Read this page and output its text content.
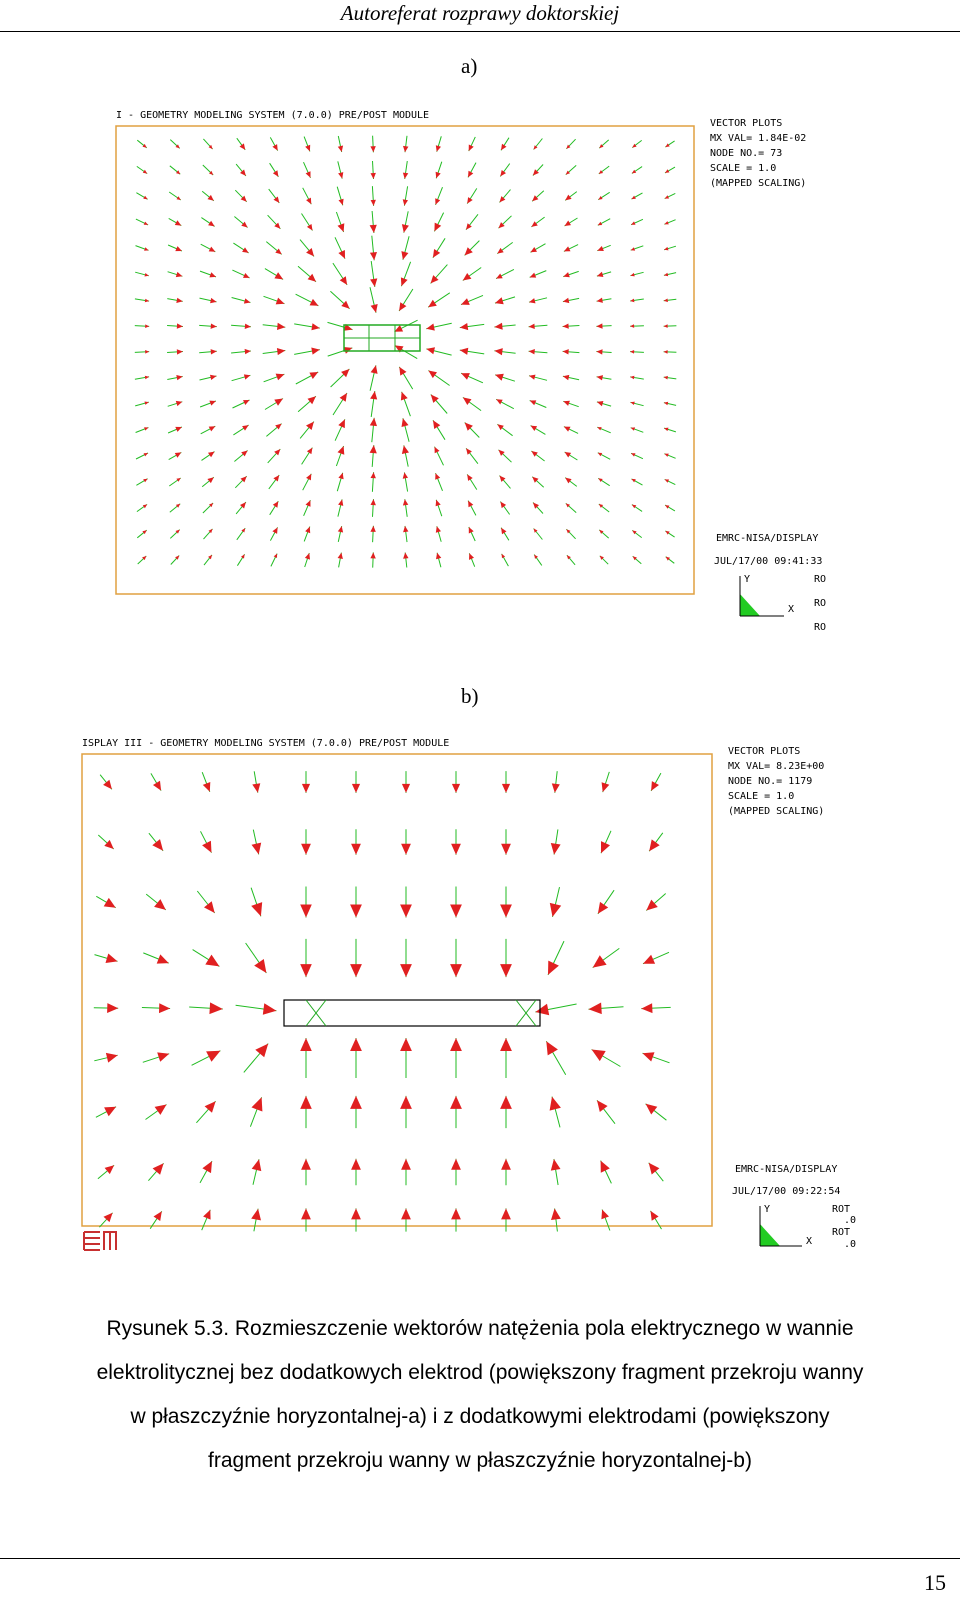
Autoreferat rozprawy doktorskiej
a)
I - GEOMETRY MODELING SYSTEM (7.0.0) PRE/POST MODULE
VECTOR PLOTS
MX VAL= 1.84E-02
NODE NO.= 73
SCALE = 1.0
(MAPPED SCALING)
EMRC-NISA/DISPLAY
JUL/17/00 09:41:33
Y
X
RO
RO
RO
b)
ISPLAY III - GEOMETRY MODELING SYSTEM (7.0.0) PRE/POST MODULE
VECTOR PLOTS
MX VAL= 8.23E+00
NODE NO.= 1179
SCALE = 1.0
(MAPPED SCALING)
EMRC-NISA/DISPLAY
JUL/17/00 09:22:54
Y
X
ROT
.0
ROT
.0
Rysunek 5.3. Rozmieszczenie wektorów natężenia pola elektrycznego w wannie
elektrolitycznej bez dodatkowych elektrod (powiększony fragment przekroju wanny
w płaszczyźnie horyzontalnej-a) i z dodatkowymi elektrodami (powiększony
fragment przekroju wanny w płaszczyźnie horyzontalnej-b)
15
